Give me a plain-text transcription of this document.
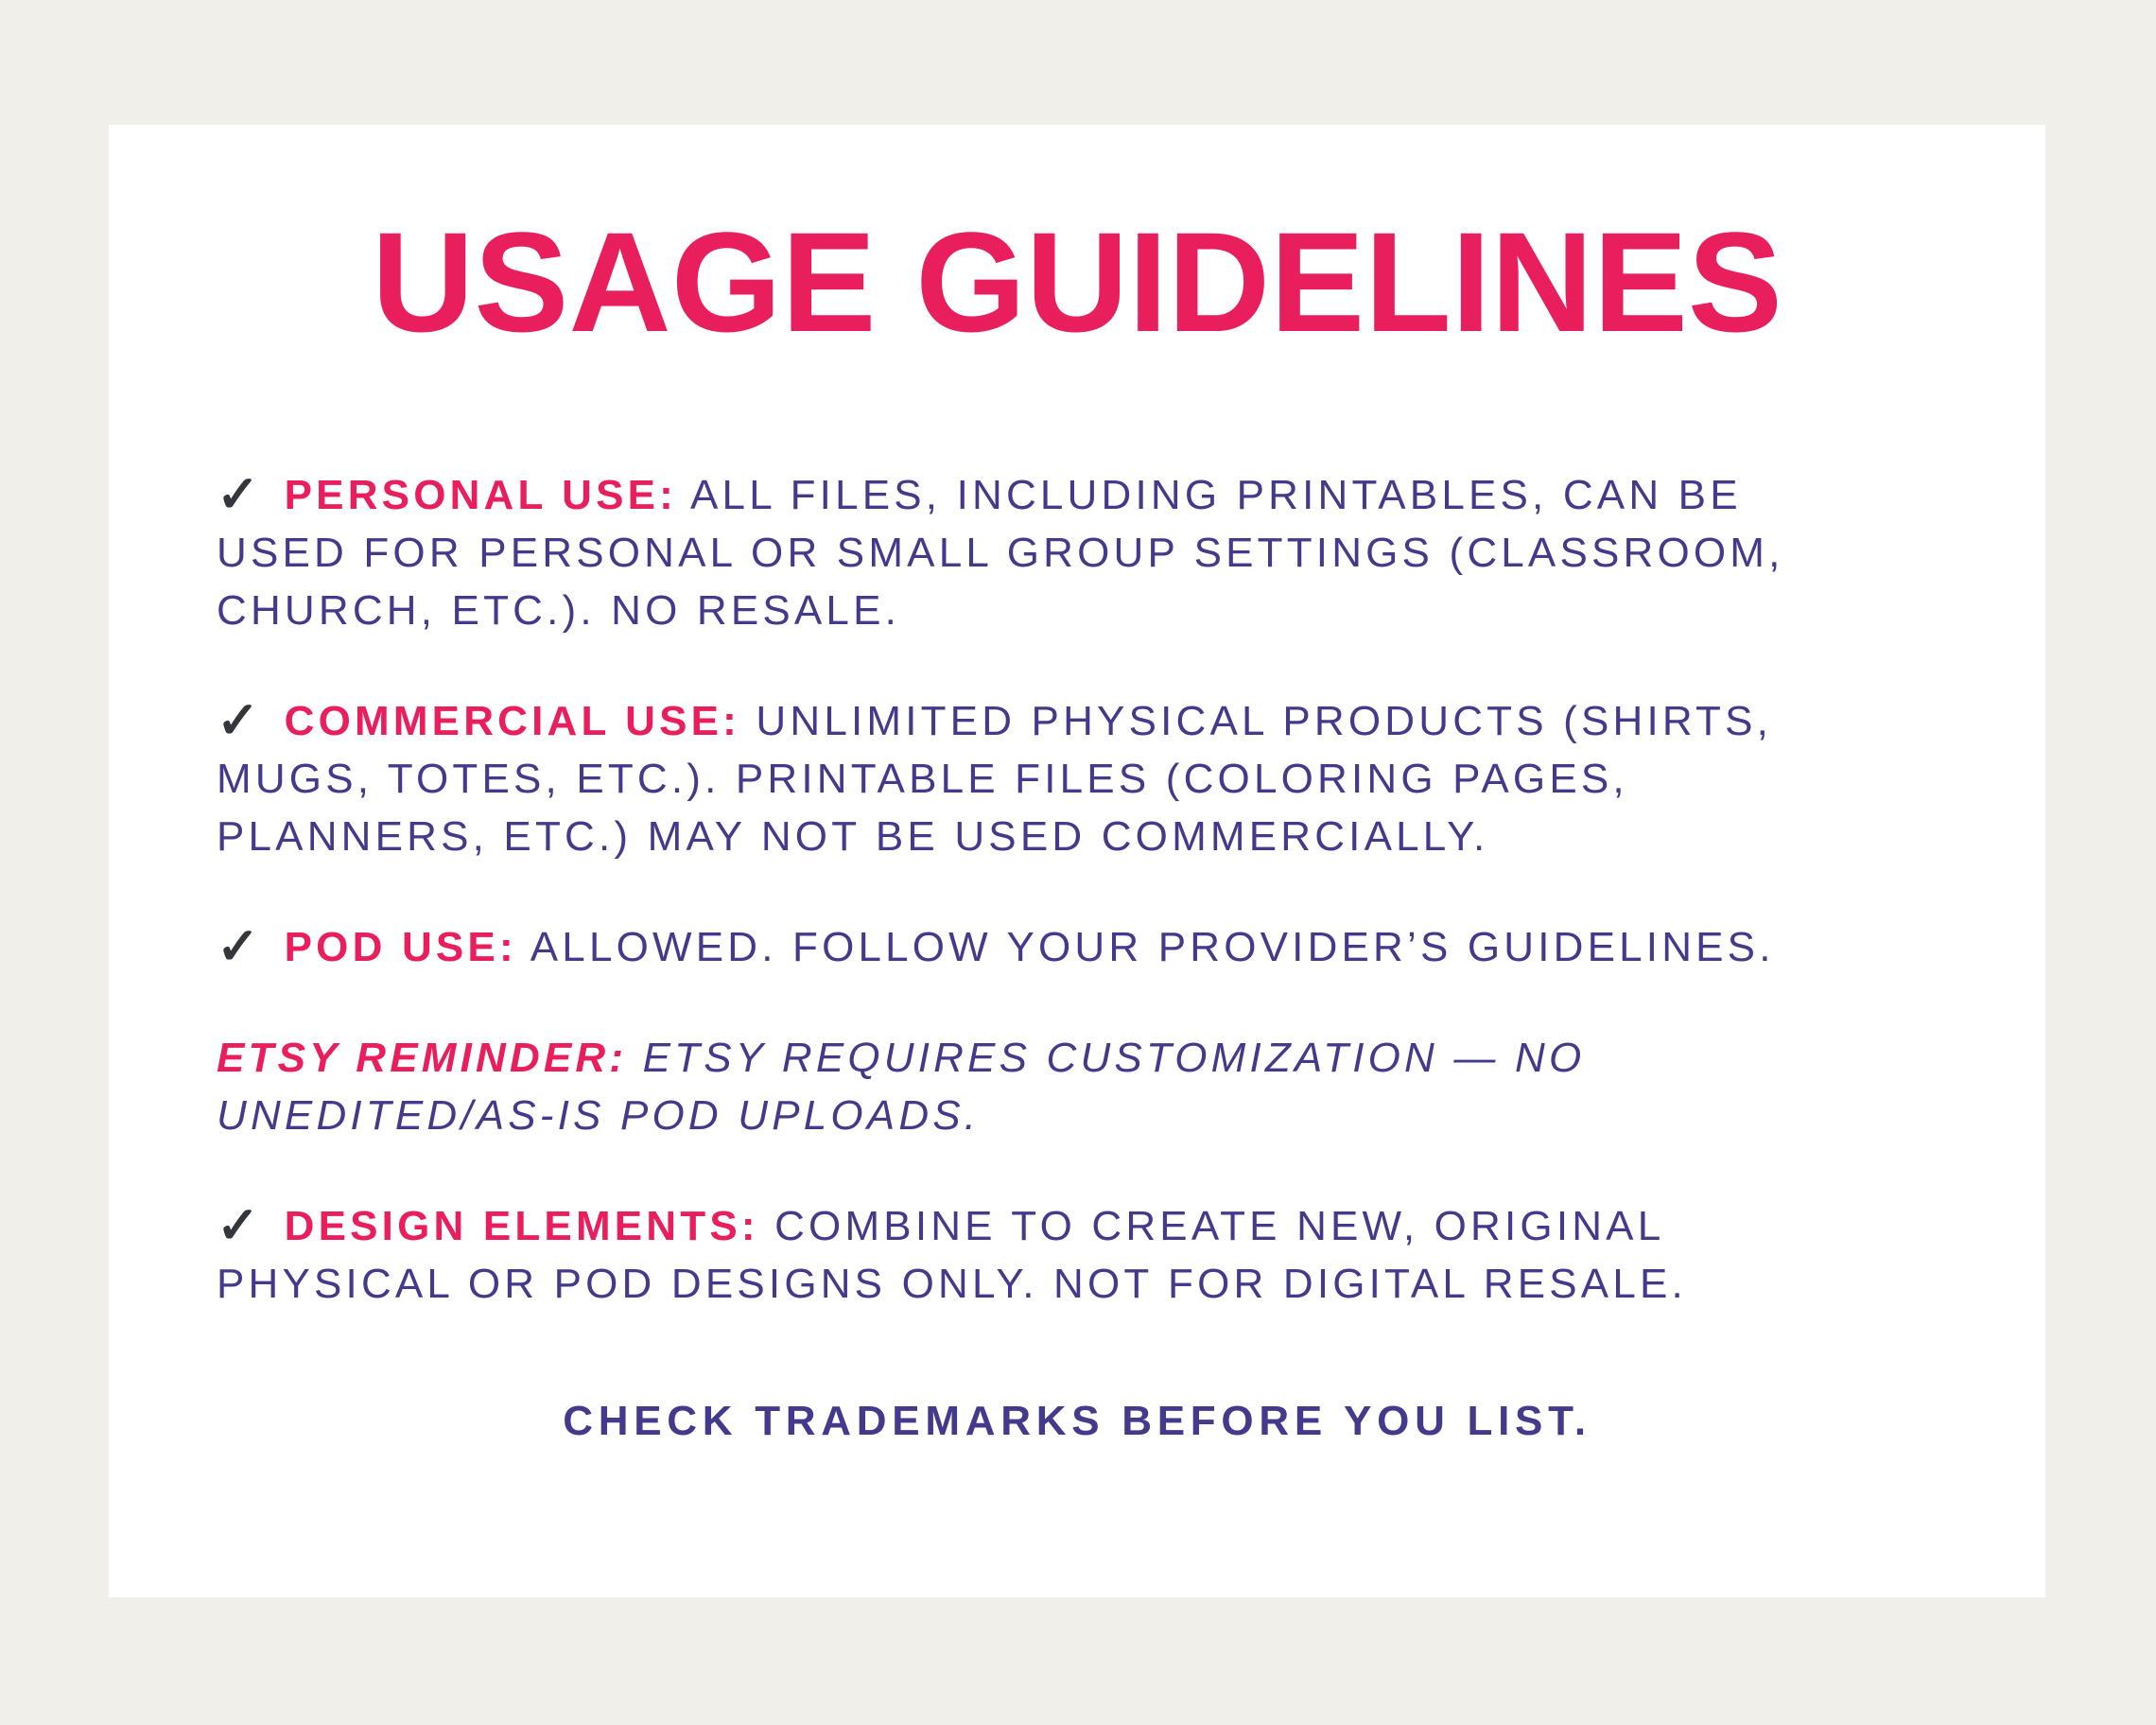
USAGE GUIDELINES

✓ PERSONAL USE: ALL FILES, INCLUDING PRINTABLES, CAN BE USED FOR PERSONAL OR SMALL GROUP SETTINGS (CLASSROOM, CHURCH, ETC.). NO RESALE.

✓ COMMERCIAL USE: UNLIMITED PHYSICAL PRODUCTS (SHIRTS, MUGS, TOTES, ETC.). PRINTABLE FILES (COLORING PAGES, PLANNERS, ETC.) MAY NOT BE USED COMMERCIALLY.

✓ POD USE: ALLOWED. FOLLOW YOUR PROVIDER’S GUIDELINES.

ETSY REMINDER: ETSY REQUIRES CUSTOMIZATION — NO UNEDITED/AS-IS POD UPLOADS.

✓ DESIGN ELEMENTS: COMBINE TO CREATE NEW, ORIGINAL PHYSICAL OR POD DESIGNS ONLY. NOT FOR DIGITAL RESALE.

CHECK TRADEMARKS BEFORE YOU LIST.
